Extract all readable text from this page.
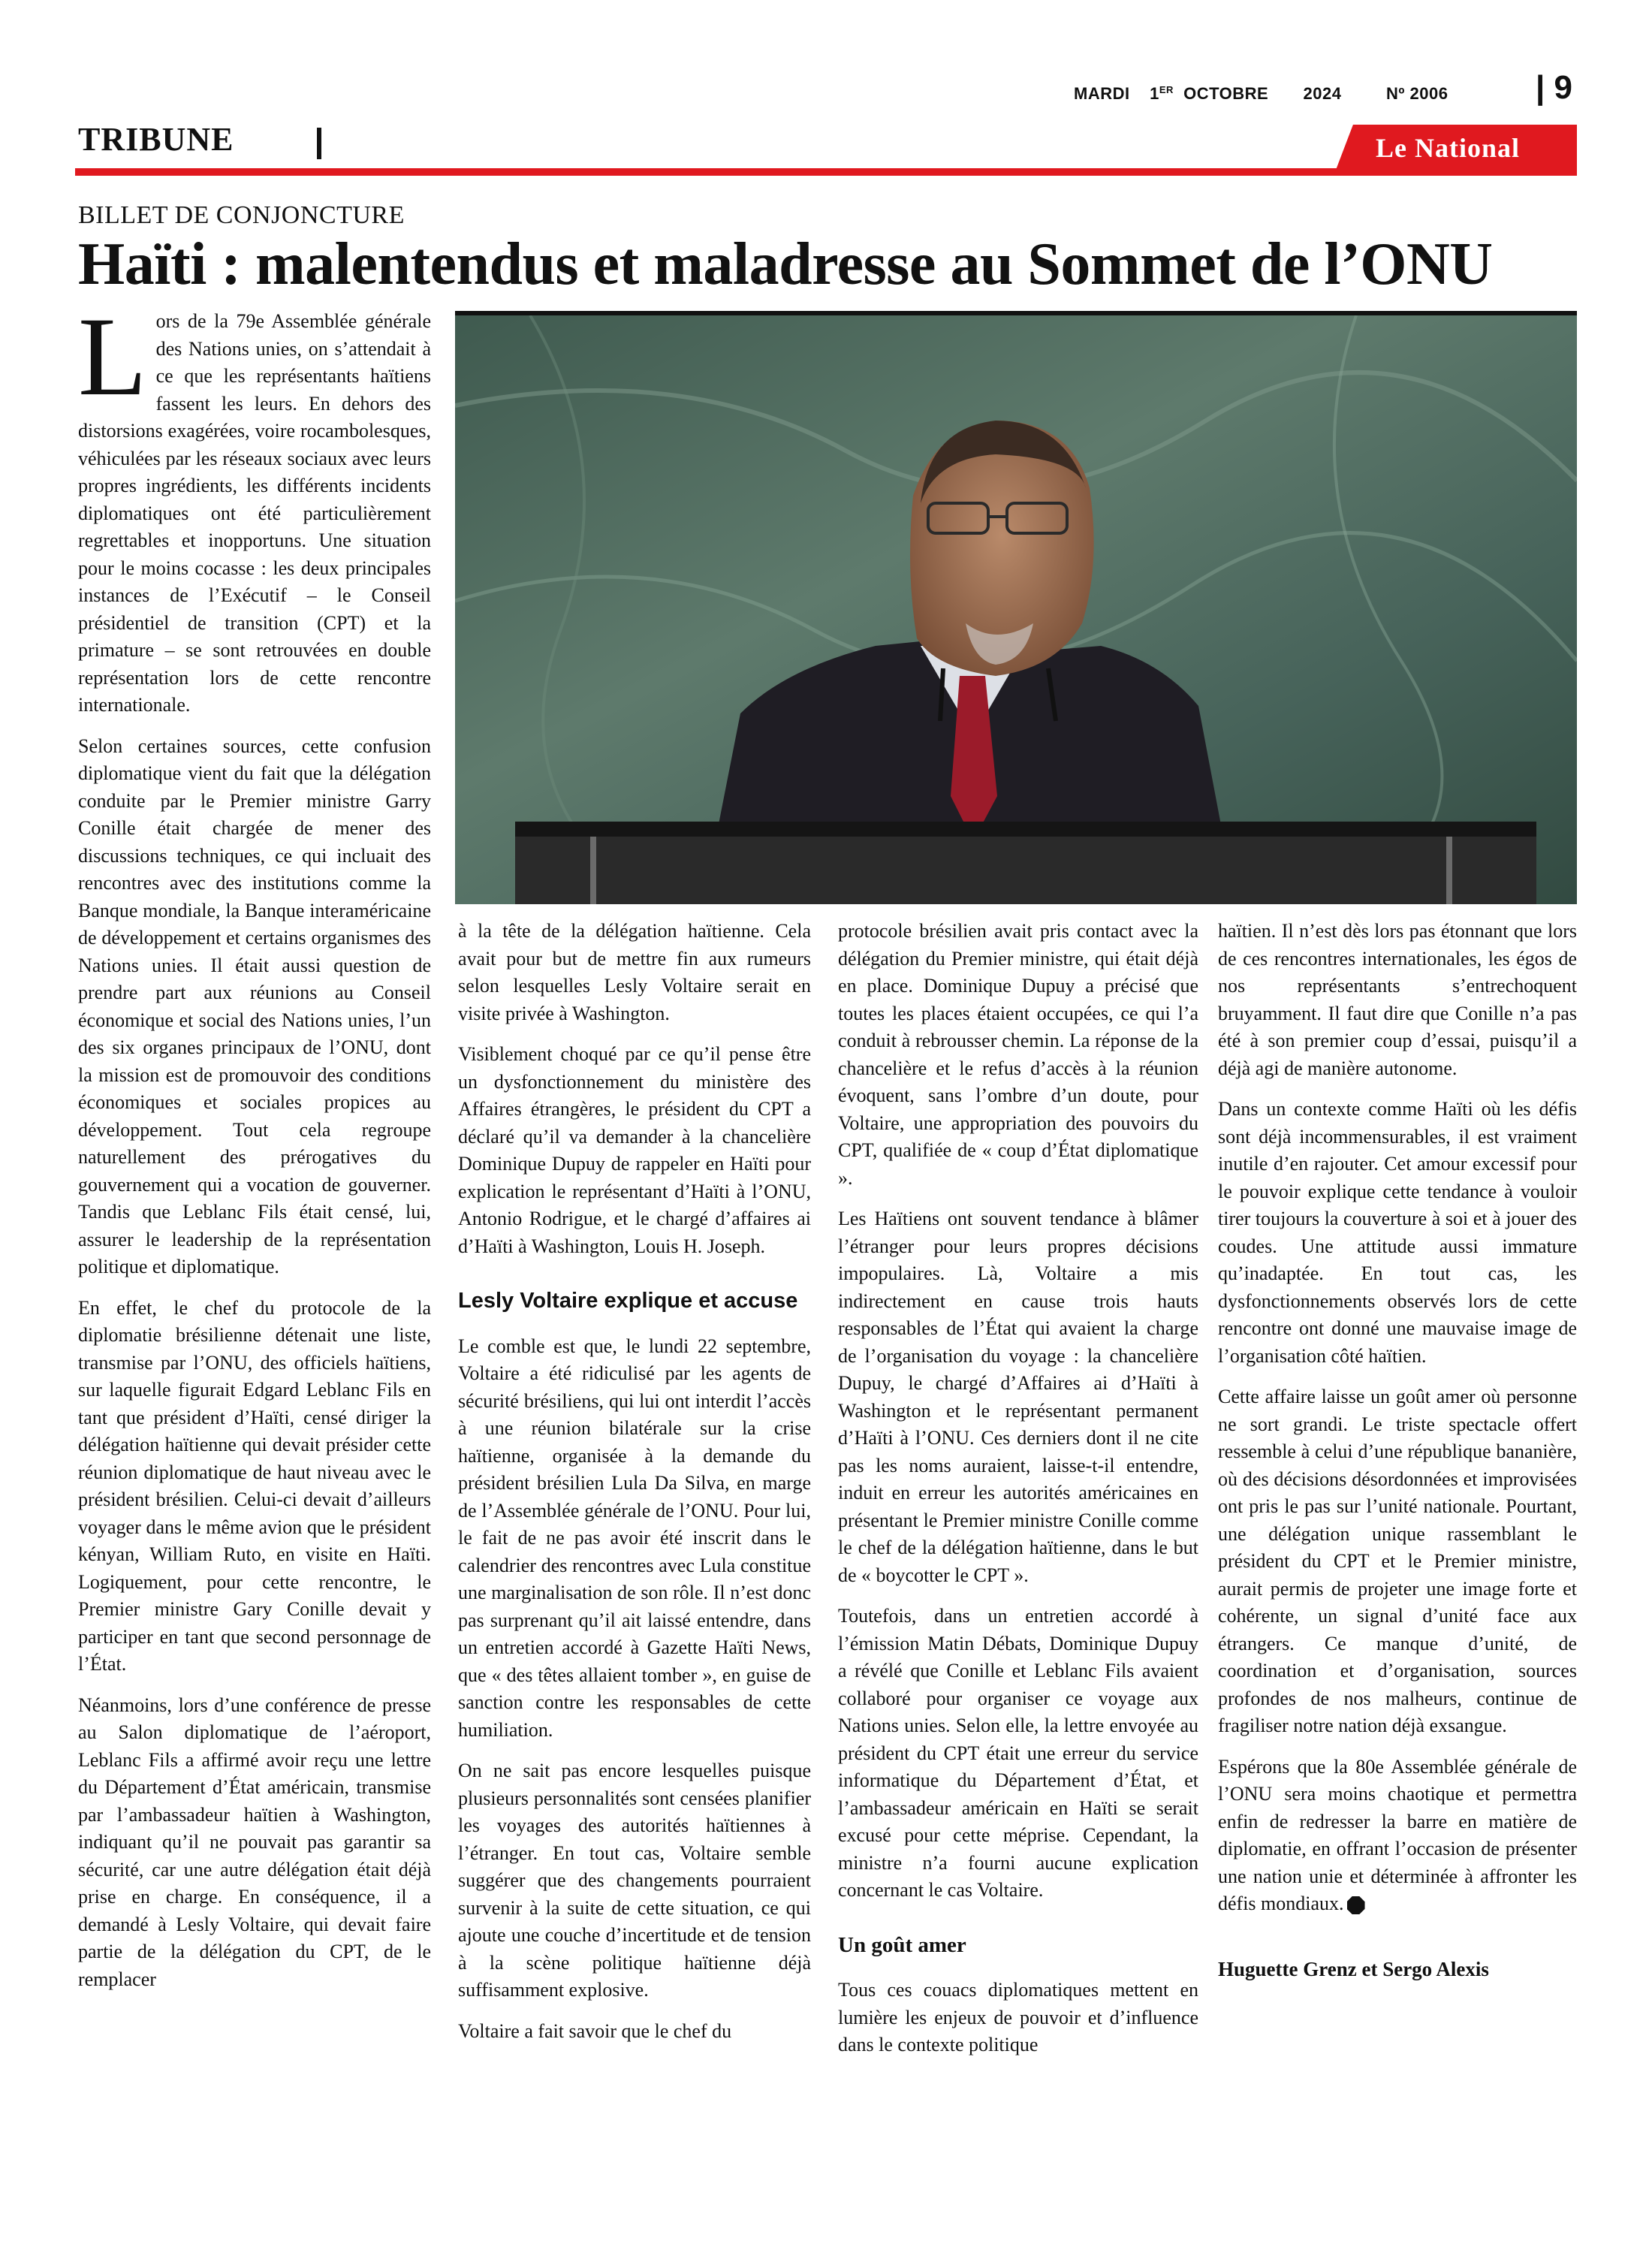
MARDI 1ER OCTOBRE 2024	Nº 2006	| 9
TRIBUNE	Le National
BILLET DE CONJONCTURE
Haïti : malentendus et maladresse au Sommet de l’ONU

Lors de la 79e Assemblée générale des Nations unies, on s’attendait à ce que les représentants haïtiens fassent les leurs. En dehors des distorsions exagérées, voire rocambolesques, véhiculées par les réseaux sociaux avec leurs propres ingrédients, les différents incidents diplomatiques ont été particulièrement regrettables et inopportuns. Une situation pour le moins cocasse : les deux principales instances de l’Exécutif – le Conseil présidentiel de transition (CPT) et la primature – se sont retrouvées en double représentation lors de cette rencontre internationale.

Selon certaines sources, cette confusion diplomatique vient du fait que la délégation conduite par le Premier ministre Garry Conille était chargée de mener des discussions techniques, ce qui incluait des rencontres avec des institutions comme la Banque mondiale, la Banque interaméricaine de développement et certains organismes des Nations unies. Il était aussi question de prendre part aux réunions au Conseil économique et social des Nations unies, l’un des six organes principaux de l’ONU, dont la mission est de promouvoir des conditions économiques et sociales propices au développement. Tout cela regroupe naturellement des prérogatives du gouvernement qui a vocation de gouverner. Tandis que Leblanc Fils était censé, lui, assurer le leadership de la représentation politique et diplomatique.

En effet, le chef du protocole de la diplomatie brésilienne détenait une liste, transmise par l’ONU, des officiels haïtiens, sur laquelle figurait Edgard Leblanc Fils en tant que président d’Haïti, censé diriger la délégation haïtienne qui devait présider cette réunion diplomatique de haut niveau avec le président brésilien. Celui-ci devait d’ailleurs voyager dans le même avion que le président kényan, William Ruto, en visite en Haïti. Logiquement, pour cette rencontre, le Premier ministre Gary Conille devait y participer en tant que second personnage de l’État.

Néanmoins, lors d’une conférence de presse au Salon diplomatique de l’aéroport, Leblanc Fils a affirmé avoir reçu une lettre du Département d’État américain, transmise par l’ambassadeur haïtien à Washington, indiquant qu’il ne pouvait pas garantir sa sécurité, car une autre délégation était déjà prise en charge. En conséquence, il a demandé à Lesly Voltaire, qui devait faire partie de la délégation du CPT, de le remplacer

à la tête de la délégation haïtienne. Cela avait pour but de mettre fin aux rumeurs selon lesquelles Lesly Voltaire serait en visite privée à Washington.

Visiblement choqué par ce qu’il pense être un dysfonctionnement du ministère des Affaires étrangères, le président du CPT a déclaré qu’il va demander à la chancelière Dominique Dupuy de rappeler en Haïti pour explication le représentant d’Haïti à l’ONU, Antonio Rodrigue, et le chargé d’affaires ai d’Haïti à Washington, Louis H. Joseph.

Lesly Voltaire explique et accuse

Le comble est que, le lundi 22 septembre, Voltaire a été ridiculisé par les agents de sécurité brésiliens, qui lui ont interdit l’accès à une réunion bilatérale sur la crise haïtienne, organisée à la demande du président brésilien Lula Da Silva, en marge de l’Assemblée générale de l’ONU. Pour lui, le fait de ne pas avoir été inscrit dans le calendrier des rencontres avec Lula constitue une marginalisation de son rôle. Il n’est donc pas surprenant qu’il ait laissé entendre, dans un entretien accordé à Gazette Haïti News, que « des têtes allaient tomber », en guise de sanction contre les responsables de cette humiliation.

On ne sait pas encore lesquelles puisque plusieurs personnalités sont censées planifier les voyages des autorités haïtiennes à l’étranger. En tout cas, Voltaire semble suggérer que des changements pourraient survenir à la suite de cette situation, ce qui ajoute une couche d’incertitude et de tension à la scène politique haïtienne déjà suffisamment explosive.

Voltaire a fait savoir que le chef du

protocole brésilien avait pris contact avec la délégation du Premier ministre, qui était déjà en place. Dominique Dupuy a précisé que toutes les places étaient occupées, ce qui l’a conduit à rebrousser chemin. La réponse de la chancelière et le refus d’accès à la réunion évoquent, sans l’ombre d’un doute, pour Voltaire, une appropriation des pouvoirs du CPT, qualifiée de « coup d’État diplomatique ».

Les Haïtiens ont souvent tendance à blâmer l’étranger pour leurs propres décisions impopulaires. Là, Voltaire a mis indirectement en cause trois hauts responsables de l’État qui avaient la charge de l’organisation du voyage : la chancelière Dupuy, le chargé d’Affaires ai d’Haïti à Washington et le représentant permanent d’Haïti à l’ONU. Ces derniers dont il ne cite pas les noms auraient, laisse-t-il entendre, induit en erreur les autorités américaines en présentant le Premier ministre Conille comme le chef de la délégation haïtienne, dans le but de « boycotter le CPT ».

Toutefois, dans un entretien accordé à l’émission Matin Débats, Dominique Dupuy a révélé que Conille et Leblanc Fils avaient collaboré pour organiser ce voyage aux Nations unies. Selon elle, la lettre envoyée au président du CPT était une erreur du service informatique du Département d’État, et l’ambassadeur américain en Haïti se serait excusé pour cette méprise. Cependant, la ministre n’a fourni aucune explication concernant le cas Voltaire.

Un goût amer

Tous ces couacs diplomatiques mettent en lumière les enjeux de pouvoir et d’influence dans le contexte politique

haïtien. Il n’est dès lors pas étonnant que lors de ces rencontres internationales, les égos de nos représentants s’entrechoquent bruyamment. Il faut dire que Conille n’a pas été à son premier coup d’essai, puisqu’il a déjà agi de manière autonome.

Dans un contexte comme Haïti où les défis sont déjà incommensurables, il est vraiment inutile d’en rajouter. Cet amour excessif pour le pouvoir explique cette tendance à vouloir tirer toujours la couverture à soi et à jouer des coudes. Une attitude aussi immature qu’inadaptée. En tout cas, les dysfonctionnements observés lors de cette rencontre ont donné une mauvaise image de l’organisation côté haïtien.

Cette affaire laisse un goût amer où personne ne sort grandi. Le triste spectacle offert ressemble à celui d’une république bananière, où des décisions désordonnées et improvisées ont pris le pas sur l’unité nationale. Pourtant, une délégation unique rassemblant le président du CPT et le Premier ministre, aurait permis de projeter une image forte et cohérente, un signal d’unité face aux étrangers. Ce manque d’unité, de coordination et d’organisation, sources profondes de nos malheurs, continue de fragiliser notre nation déjà exsangue.

Espérons que la 80e Assemblée générale de l’ONU sera moins chaotique et permettra enfin de redresser la barre en matière de diplomatie, en offrant l’occasion de présenter une nation unie et déterminée à affronter les défis mondiaux.

Huguette Grenz et Sergo Alexis
